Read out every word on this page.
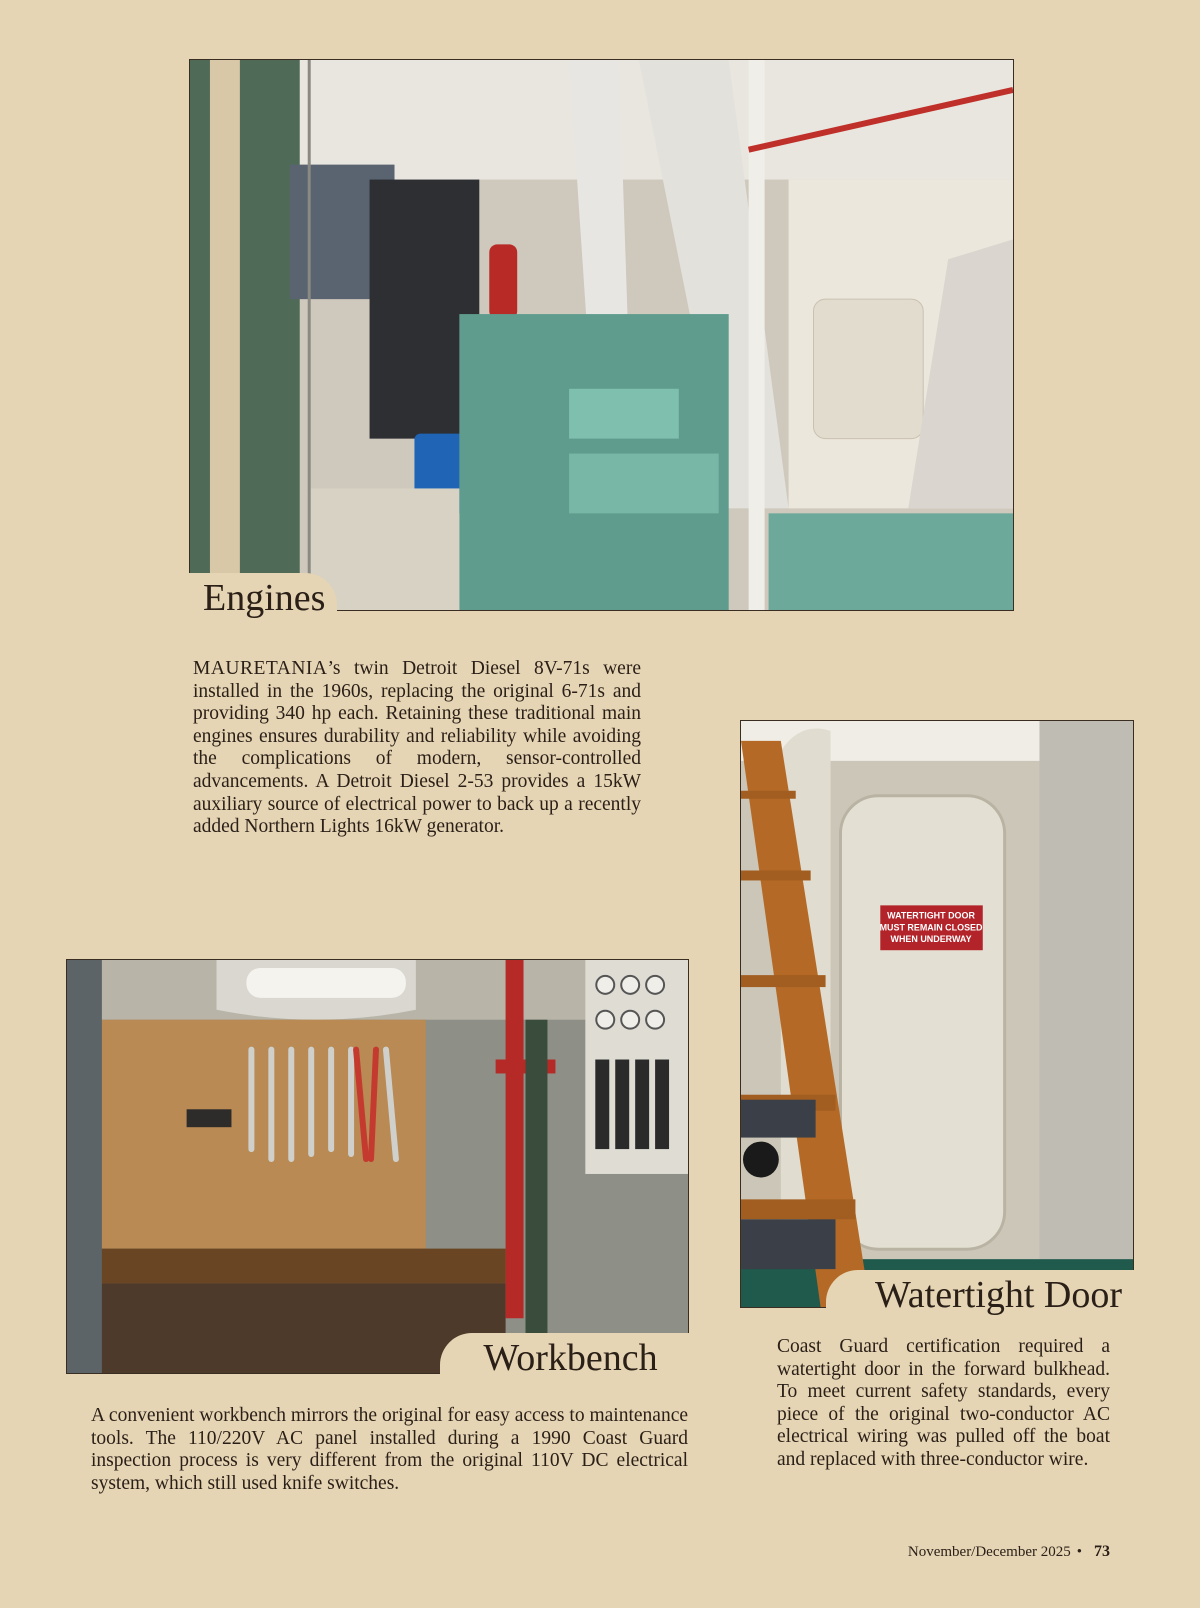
Engines

MAURETANIA’s twin Detroit Diesel 8V-71s were installed in the 1960s, replacing the original 6-71s and providing 340 hp each. Retaining these traditional main engines ensures durability and reliability while avoiding the complications of modern, sensor-controlled advancements. A Detroit Diesel 2-53 provides a 15kW auxiliary source of electrical power to back up a recently added Northern Lights 16kW generator.

WATERTIGHT DOOR
MUST REMAIN CLOSED
WHEN UNDERWAY
Watertight Door

Coast Guard certification required a watertight door in the forward bulkhead. To meet current safety standards, every piece of the original two-conductor AC electrical wiring was pulled off the boat and replaced with three-conductor wire.

Workbench

A convenient workbench mirrors the original for easy access to maintenance tools. The 110/220V AC panel installed during a 1990 Coast Guard inspection process is very different from the original 110V DC electrical system, which still used knife switches.

November/December 2025 • 73
